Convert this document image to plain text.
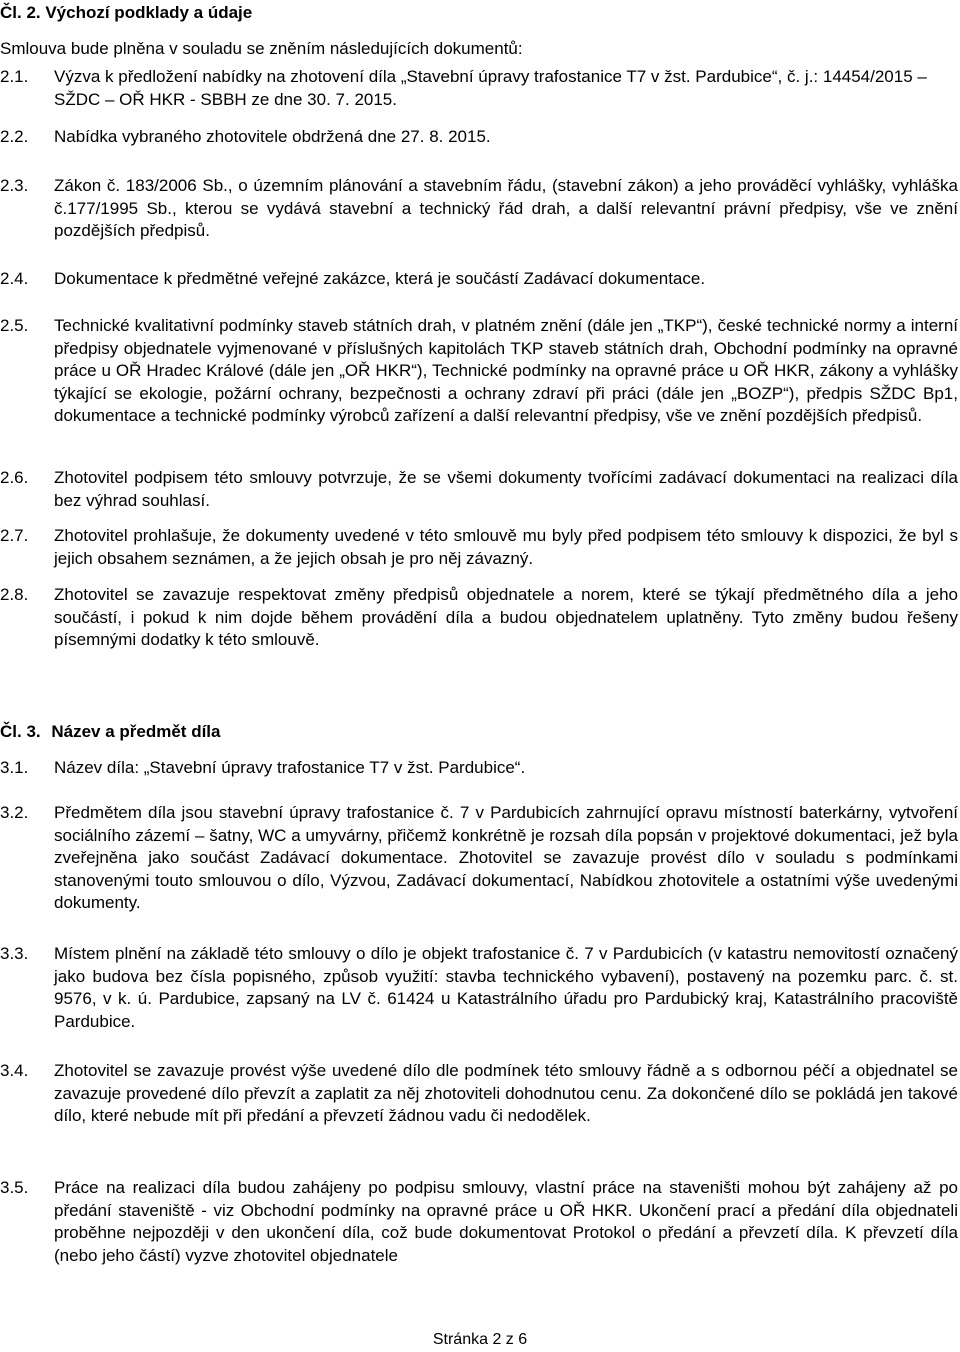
Čl. 2. Výchozí podklady a údaje
Smlouva bude plněna v souladu se zněním následujících dokumentů:
2.1. Výzva k předložení nabídky na zhotovení díla „Stavební úpravy trafostanice T7 v žst. Pardubice“, č. j.: 14454/2015 – SŽDC – OŘ HKR - SBBH ze dne 30. 7. 2015.
2.2. Nabídka vybraného zhotovitele obdržená dne 27. 8. 2015.
2.3. Zákon č. 183/2006 Sb., o územním plánování a stavebním řádu, (stavební zákon) a jeho prováděcí vyhlášky, vyhláška č.177/1995 Sb., kterou se vydává stavební a technický řád drah, a další relevantní právní předpisy, vše ve znění pozdějších předpisů.
2.4. Dokumentace k předmětné veřejné zakázce, která je součástí Zadávací dokumentace.
2.5. Technické kvalitativní podmínky staveb státních drah, v platném znění (dále jen „TKP“), české technické normy a interní předpisy objednatele vyjmenované v příslušných kapitolách TKP staveb státních drah, Obchodní podmínky na opravné práce u OŘ Hradec Králové (dále jen „OŘ HKR“), Technické podmínky na opravné práce u OŘ HKR, zákony a vyhlášky týkající se ekologie, požární ochrany, bezpečnosti a ochrany zdraví při práci (dále jen „BOZP“), předpis SŽDC Bp1, dokumentace a technické podmínky výrobců zařízení a další relevantní předpisy, vše ve znění pozdějších předpisů.
2.6. Zhotovitel podpisem této smlouvy potvrzuje, že se všemi dokumenty tvořícími zadávací dokumentaci na realizaci díla bez výhrad souhlasí.
2.7. Zhotovitel prohlašuje, že dokumenty uvedené v této smlouvě mu byly před podpisem této smlouvy k dispozici, že byl s jejich obsahem seznámen, a že jejich obsah je pro něj závazný.
2.8. Zhotovitel se zavazuje respektovat změny předpisů objednatele a norem, které se týkají předmětného díla a jeho součástí, i pokud k nim dojde během provádění díla a budou objednatelem uplatněny. Tyto změny budou řešeny písemnými dodatky k této smlouvě.
Čl. 3. Název a předmět díla
3.1. Název díla: „Stavební úpravy trafostanice T7 v žst. Pardubice“.
3.2. Předmětem díla jsou stavební úpravy trafostanice č. 7 v Pardubicích zahrnující opravu místností baterkárny, vytvoření sociálního zázemí – šatny, WC a umyvárny, přičemž konkrétně je rozsah díla popsán v projektové dokumentaci, jež byla zveřejněna jako součást Zadávací dokumentace. Zhotovitel se zavazuje provést dílo v souladu s podmínkami stanovenými touto smlouvou o dílo, Výzvou, Zadávací dokumentací, Nabídkou zhotovitele a ostatními výše uvedenými dokumenty.
3.3. Místem plnění na základě této smlouvy o dílo je objekt trafostanice č. 7 v Pardubicích (v katastru nemovitostí označený jako budova bez čísla popisného, způsob využití: stavba technického vybavení), postavený na pozemku parc. č. st. 9576, v k. ú. Pardubice, zapsaný na LV č. 61424 u Katastrálního úřadu pro Pardubický kraj, Katastrálního pracoviště Pardubice.
3.4. Zhotovitel se zavazuje provést výše uvedené dílo dle podmínek této smlouvy řádně a s odbornou péčí a objednatel se zavazuje provedené dílo převzít a zaplatit za něj zhotoviteli dohodnutou cenu. Za dokončené dílo se pokládá jen takové dílo, které nebude mít při předání a převzetí žádnou vadu či nedodělek.
3.5. Práce na realizaci díla budou zahájeny po podpisu smlouvy, vlastní práce na staveništi mohou být zahájeny až po předání staveniště - viz Obchodní podmínky na opravné práce u OŘ HKR. Ukončení prací a předání díla objednateli proběhne nejpozději v den ukončení díla, což bude dokumentovat Protokol o předání a převzetí díla. K převzetí díla (nebo jeho částí) vyzve zhotovitel objednatele
Stránka 2 z 6
